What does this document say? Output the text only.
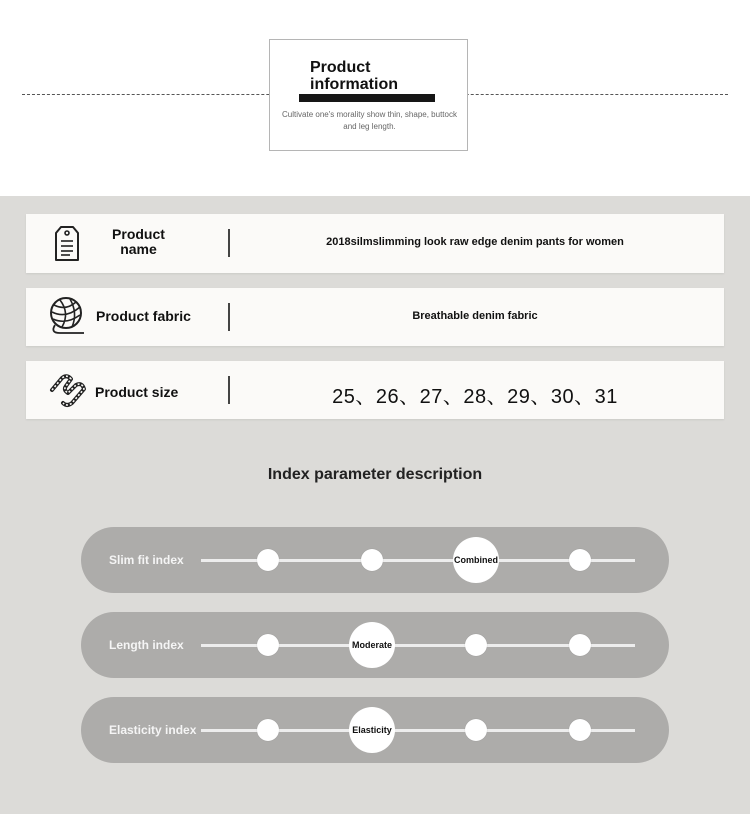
Product information
Cultivate one's morality show thin, shape, buttock and leg length.
Product name	2018silmslimming look raw edge denim pants for women
Product fabric	Breathable denim fabric
Product size	25、26、27、28、29、30、31
Index parameter description
Slim fit index	Combined
Length index	Moderate
Elasticity index	Elasticity
